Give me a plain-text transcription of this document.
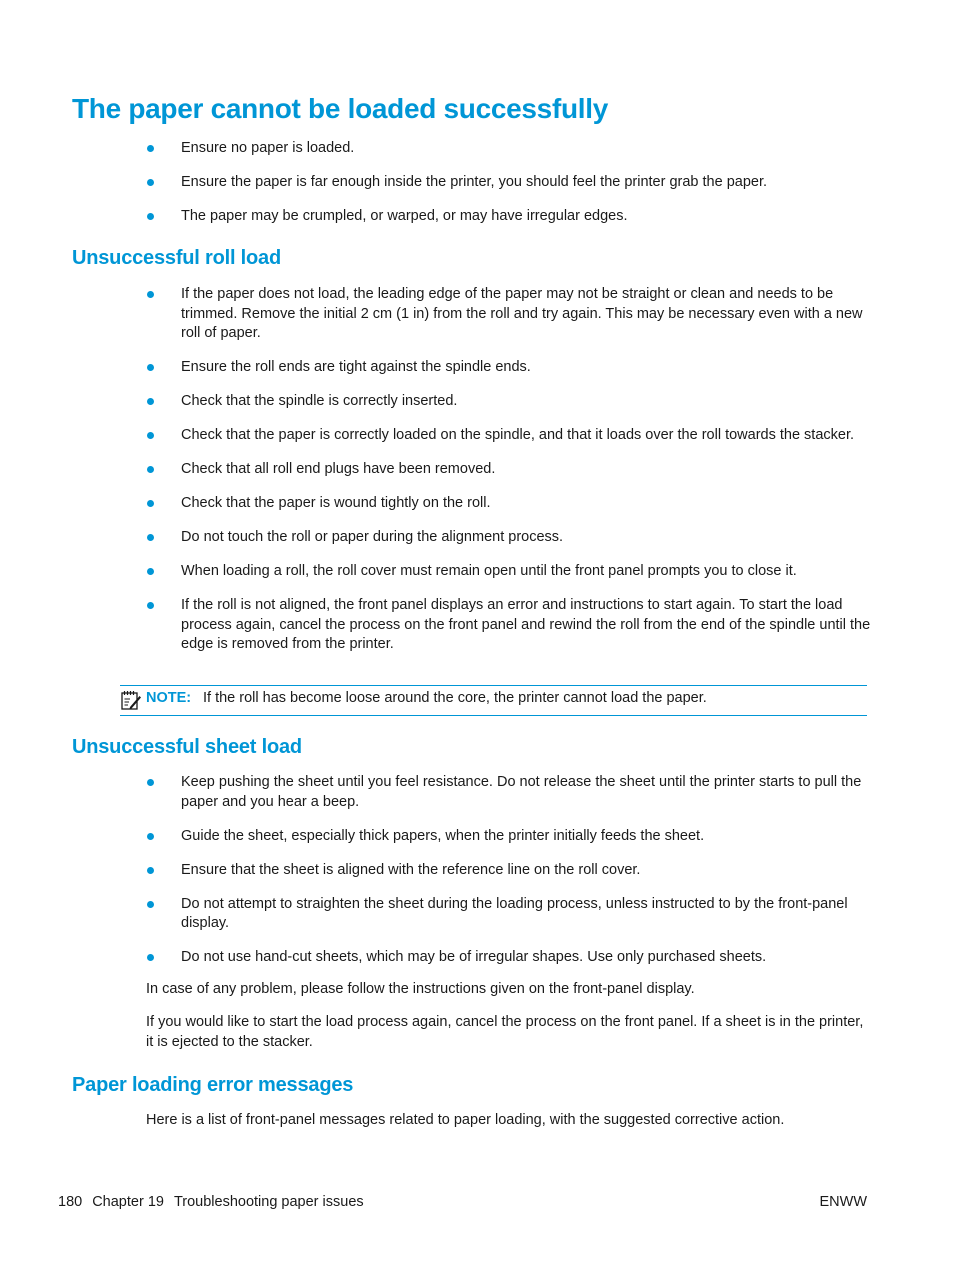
The paper cannot be loaded successfully
Ensure no paper is loaded.
Ensure the paper is far enough inside the printer, you should feel the printer grab the paper.
The paper may be crumpled, or warped, or may have irregular edges.
Unsuccessful roll load
If the paper does not load, the leading edge of the paper may not be straight or clean and needs to be trimmed. Remove the initial 2 cm (1 in) from the roll and try again. This may be necessary even with a new roll of paper.
Ensure the roll ends are tight against the spindle ends.
Check that the spindle is correctly inserted.
Check that the paper is correctly loaded on the spindle, and that it loads over the roll towards the stacker.
Check that all roll end plugs have been removed.
Check that the paper is wound tightly on the roll.
Do not touch the roll or paper during the alignment process.
When loading a roll, the roll cover must remain open until the front panel prompts you to close it.
If the roll is not aligned, the front panel displays an error and instructions to start again. To start the load process again, cancel the process on the front panel and rewind the roll from the end of the spindle until the edge is removed from the printer.
NOTE: If the roll has become loose around the core, the printer cannot load the paper.
Unsuccessful sheet load
Keep pushing the sheet until you feel resistance. Do not release the sheet until the printer starts to pull the paper and you hear a beep.
Guide the sheet, especially thick papers, when the printer initially feeds the sheet.
Ensure that the sheet is aligned with the reference line on the roll cover.
Do not attempt to straighten the sheet during the loading process, unless instructed to by the front-panel display.
Do not use hand-cut sheets, which may be of irregular shapes. Use only purchased sheets.

In case of any problem, please follow the instructions given on the front-panel display.

If you would like to start the load process again, cancel the process on the front panel. If a sheet is in the printer, it is ejected to the stacker.

Paper loading error messages

Here is a list of front-panel messages related to paper loading, with the suggested corrective action.

180 Chapter 19 Troubleshooting paper issues	ENWW
